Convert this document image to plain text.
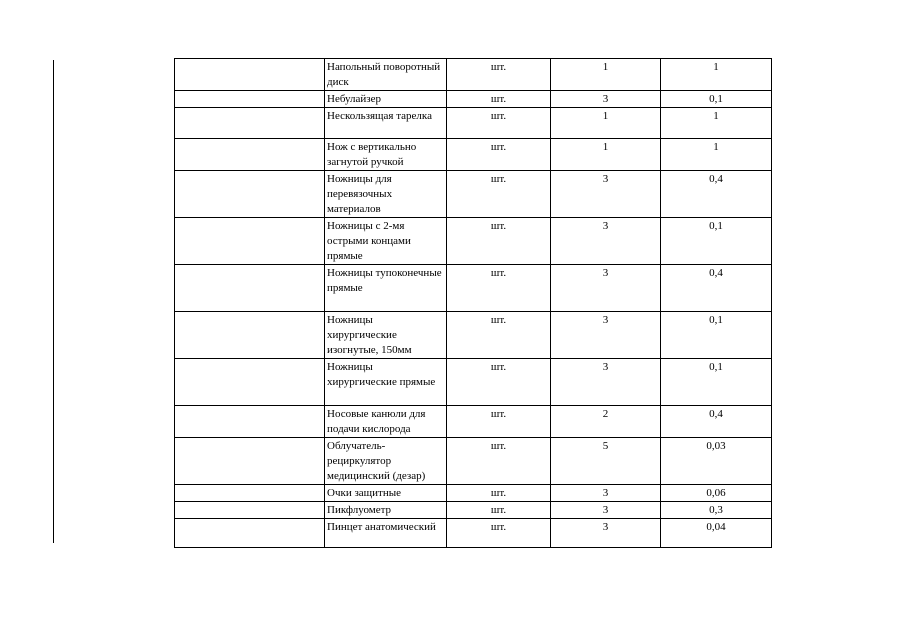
	Напольный поворотный диск	шт.	1	1
	Небулайзер	шт.	3	0,1
	Нескользящая тарелка	шт.	1	1
	Нож с вертикально загнутой ручкой	шт.	1	1
	Ножницы для перевязочных материалов	шт.	3	0,4
	Ножницы с 2-мя острыми концами прямые	шт.	3	0,1
	Ножницы тупоконечные прямые	шт.	3	0,4
	Ножницы хирургические изогнутые, 150мм	шт.	3	0,1
	Ножницы хирургические прямые	шт.	3	0,1
	Носовые канюли для подачи кислорода	шт.	2	0,4
	Облучатель-рециркулятор медицинский (дезар)	шт.	5	0,03
	Очки защитные	шт.	3	0,06
	Пикфлуометр	шт.	3	0,3
	Пинцет анатомический	шт.	3	0,04
